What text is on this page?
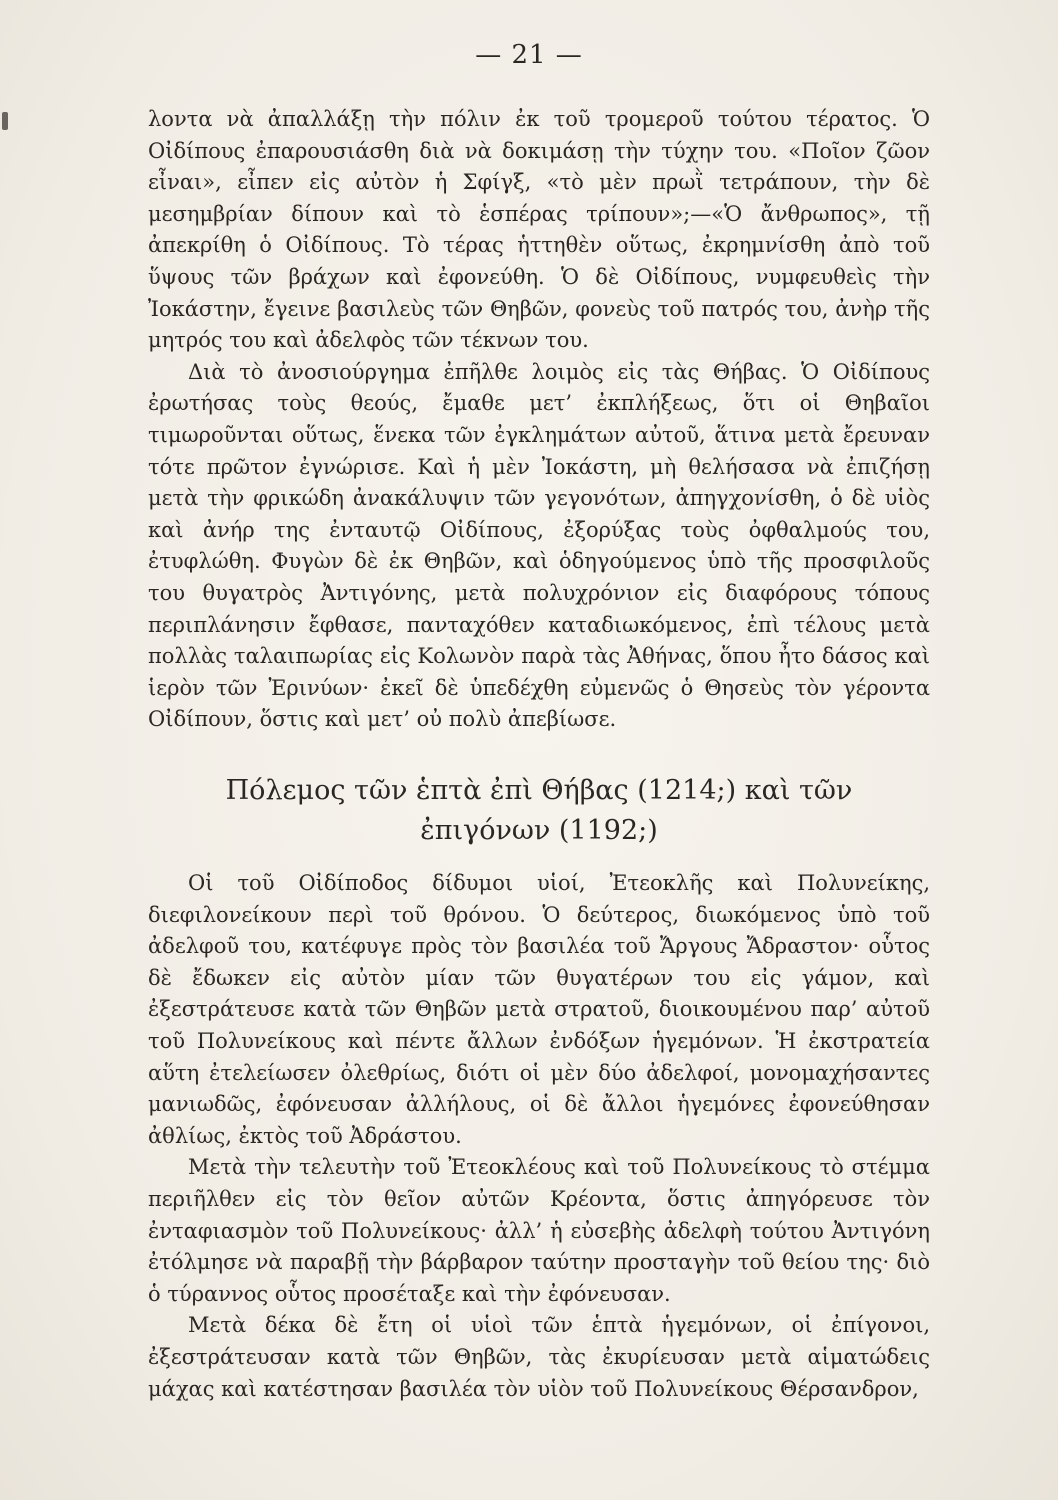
— 21 —

λοντα νὰ ἀπαλλάξῃ τὴν πόλιν ἐκ τοῦ τρομεροῦ τούτου τέρατος. Ὁ Οἰδίπους ἐπαρουσιάσθη διὰ νὰ δοκιμάσῃ τὴν τύχην του. «Ποῖον ζῶον εἶναι», εἶπεν εἰς αὐτὸν ἡ Σφίγξ, «τὸ μὲν πρωῒ τετράπουν, τὴν δὲ μεσημβρίαν δίπουν καὶ τὸ ἑσπέρας τρίπουν»;—«Ὁ ἄνθρωπος», τῇ ἀπεκρίθη ὁ Οἰδίπους. Τὸ τέρας ἡττηθὲν οὕτως, ἐκρημνίσθη ἀπὸ τοῦ ὕψους τῶν βράχων καὶ ἐφονεύθη. Ὁ δὲ Οἰδίπους, νυμφευθεὶς τὴν Ἰοκάστην, ἔγεινε βασιλεὺς τῶν Θηβῶν, φονεὺς τοῦ πατρός του, ἀνὴρ τῆς μητρός του καὶ ἀδελφὸς τῶν τέκνων του.

Διὰ τὸ ἀνοσιούργημα ἐπῆλθε λοιμὸς εἰς τὰς Θήβας. Ὁ Οἰδίπους ἐρωτήσας τοὺς θεούς, ἔμαθε μετ’ ἐκπλήξεως, ὅτι οἱ Θηβαῖοι τιμωροῦνται οὕτως, ἕνεκα τῶν ἐγκλημάτων αὐτοῦ, ἅτινα μετὰ ἔρευναν τότε πρῶτον ἐγνώρισε. Καὶ ἡ μὲν Ἰοκάστη, μὴ θελήσασα νὰ ἐπιζήσῃ μετὰ τὴν φρικώδη ἀνακάλυψιν τῶν γεγονότων, ἀπηγχονίσθη, ὁ δὲ υἱὸς καὶ ἀνήρ της ἐνταυτῷ Οἰδίπους, ἐξορύξας τοὺς ὀφθαλμούς του, ἐτυφλώθη. Φυγὼν δὲ ἐκ Θηβῶν, καὶ ὁδηγούμενος ὑπὸ τῆς προσφιλοῦς του θυγατρὸς Ἀντιγόνης, μετὰ πολυχρόνιον εἰς διαφόρους τόπους περιπλάνησιν ἔφθασε, πανταχόθεν καταδιωκόμενος, ἐπὶ τέλους μετὰ πολλὰς ταλαιπωρίας εἰς Κολωνὸν παρὰ τὰς Ἀθήνας, ὅπου ἦτο δάσος καὶ ἱερὸν τῶν Ἐρινύων· ἐκεῖ δὲ ὑπεδέχθη εὐμενῶς ὁ Θησεὺς τὸν γέροντα Οἰδίπουν, ὅστις καὶ μετ’ οὐ πολὺ ἀπεβίωσε.

Πόλεμος τῶν ἑπτὰ ἐπὶ Θήβας (1214;) καὶ τῶν
ἐπιγόνων (1192;)

Οἱ τοῦ Οἰδίποδος δίδυμοι υἱοί, Ἐτεοκλῆς καὶ Πολυνείκης, διεφιλονείκουν περὶ τοῦ θρόνου. Ὁ δεύτερος, διωκόμενος ὑπὸ τοῦ ἀδελφοῦ του, κατέφυγε πρὸς τὸν βασιλέα τοῦ Ἄργους Ἄδραστον· οὗτος δὲ ἔδωκεν εἰς αὐτὸν μίαν τῶν θυγατέρων του εἰς γάμον, καὶ ἐξεστράτευσε κατὰ τῶν Θηβῶν μετὰ στρατοῦ, διοικουμένου παρ’ αὐτοῦ τοῦ Πολυνείκους καὶ πέντε ἄλλων ἐνδόξων ἡγεμόνων. Ἡ ἐκστρατεία αὕτη ἐτελείωσεν ὀλεθρίως, διότι οἱ μὲν δύο ἀδελφοί, μονομαχήσαντες μανιωδῶς, ἐφόνευσαν ἀλλήλους, οἱ δὲ ἄλλοι ἡγεμόνες ἐφονεύθησαν ἀθλίως, ἐκτὸς τοῦ Ἀδράστου.

Μετὰ τὴν τελευτὴν τοῦ Ἐτεοκλέους καὶ τοῦ Πολυνείκους τὸ στέμμα περιῆλθεν εἰς τὸν θεῖον αὐτῶν Κρέοντα, ὅστις ἀπηγόρευσε τὸν ἐνταφιασμὸν τοῦ Πολυνείκους· ἀλλ’ ἡ εὐσεβὴς ἀδελφὴ τούτου Ἀντιγόνη ἐτόλμησε νὰ παραβῇ τὴν βάρβαρον ταύτην προσταγὴν τοῦ θείου της· διὸ ὁ τύραννος οὗτος προσέταξε καὶ τὴν ἐφόνευσαν.

Μετὰ δέκα δὲ ἔτη οἱ υἱοὶ τῶν ἑπτὰ ἡγεμόνων, οἱ ἐπίγονοι, ἐξεστράτευσαν κατὰ τῶν Θηβῶν, τὰς ἐκυρίευσαν μετὰ αἱματώδεις μάχας καὶ κατέστησαν βασιλέα τὸν υἱὸν τοῦ Πολυνείκους Θέρσανδρον,
